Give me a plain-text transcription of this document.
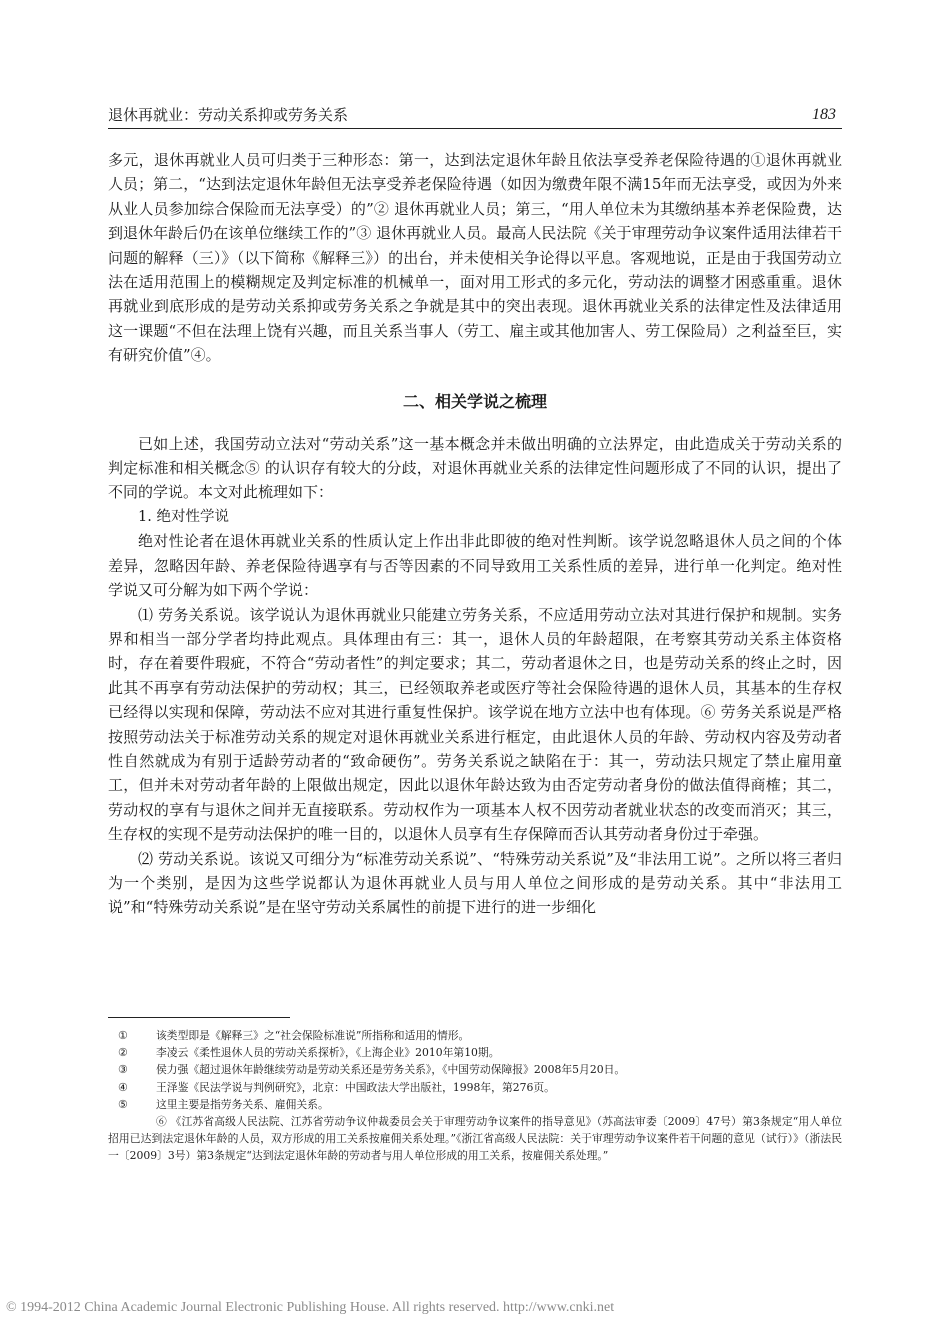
退休再就业：劳动关系抑或劳务关系	183

多元，退休再就业人员可归类于三种形态：第一，达到法定退休年龄且依法享受养老保险待遇的①退休再就业人员；第二，“达到法定退休年龄但无法享受养老保险待遇（如因为缴费年限不满15年而无法享受，或因为外来从业人员参加综合保险而无法享受）的”② 退休再就业人员；第三，“用人单位未为其缴纳基本养老保险费，达到退休年龄后仍在该单位继续工作的”③ 退休再就业人员。最高人民法院《关于审理劳动争议案件适用法律若干问题的解释（三）》（以下简称《解释三》）的出台，并未使相关争论得以平息。客观地说，正是由于我国劳动立法在适用范围上的模糊规定及判定标准的机械单一，面对用工形式的多元化，劳动法的调整才困惑重重。退休再就业到底形成的是劳动关系抑或劳务关系之争就是其中的突出表现。退休再就业关系的法律定性及法律适用这一课题“不但在法理上饶有兴趣，而且关系当事人（劳工、雇主或其他加害人、劳工保险局）之利益至巨，实有研究价值”④。

二、相关学说之梳理

已如上述，我国劳动立法对“劳动关系”这一基本概念并未做出明确的立法界定，由此造成关于劳动关系的判定标准和相关概念⑤ 的认识存有较大的分歧，对退休再就业关系的法律定性问题形成了不同的认识，提出了不同的学说。本文对此梳理如下：

1. 绝对性学说

绝对性论者在退休再就业关系的性质认定上作出非此即彼的绝对性判断。该学说忽略退休人员之间的个体差异，忽略因年龄、养老保险待遇享有与否等因素的不同导致用工关系性质的差异，进行单一化判定。绝对性学说又可分解为如下两个学说：

⑴ 劳务关系说。该学说认为退休再就业只能建立劳务关系，不应适用劳动立法对其进行保护和规制。实务界和相当一部分学者均持此观点。具体理由有三：其一，退休人员的年龄超限，在考察其劳动关系主体资格时，存在着要件瑕疵，不符合“劳动者性”的判定要求；其二，劳动者退休之日，也是劳动关系的终止之时，因此其不再享有劳动法保护的劳动权；其三，已经领取养老或医疗等社会保险待遇的退休人员，其基本的生存权已经得以实现和保障，劳动法不应对其进行重复性保护。该学说在地方立法中也有体现。⑥ 劳务关系说是严格按照劳动法关于标准劳动关系的规定对退休再就业关系进行框定，由此退休人员的年龄、劳动权内容及劳动者性自然就成为有别于适龄劳动者的“致命硬伤”。劳务关系说之缺陷在于：其一，劳动法只规定了禁止雇用童工，但并未对劳动者年龄的上限做出规定，因此以退休年龄达致为由否定劳动者身份的做法值得商榷；其二，劳动权的享有与退休之间并无直接联系。劳动权作为一项基本人权不因劳动者就业状态的改变而消灭；其三，生存权的实现不是劳动法保护的唯一目的，以退休人员享有生存保障而否认其劳动者身份过于牵强。

⑵ 劳动关系说。该说又可细分为“标准劳动关系说”、“特殊劳动关系说”及“非法用工说”。之所以将三者归为一个类别，是因为这些学说都认为退休再就业人员与用人单位之间形成的是劳动关系。其中“非法用工说”和“特殊劳动关系说”是在坚守劳动关系属性的前提下进行的进一步细化

①	该类型即是《解释三》之“社会保险标准说”所指称和适用的情形。
②	李凌云《柔性退休人员的劳动关系探析》，《上海企业》2010年第10期。
③	侯力强《超过退休年龄继续劳动是劳动关系还是劳务关系》，《中国劳动保障报》2008年5月20日。
④	王泽鉴《民法学说与判例研究》，北京：中国政法大学出版社，1998年，第276页。
⑤	这里主要是指劳务关系、雇佣关系。
⑥ 《江苏省高级人民法院、江苏省劳动争议仲裁委员会关于审理劳动争议案件的指导意见》（苏高法审委〔2009〕47号）第3条规定“用人单位招用已达到法定退休年龄的人员，双方形成的用工关系按雇佣关系处理。”《浙江省高级人民法院：关于审理劳动争议案件若干问题的意见（试行）》（浙法民一〔2009〕3号）第3条规定“达到法定退休年龄的劳动者与用人单位形成的用工关系，按雇佣关系处理。”
© 1994-2012 China Academic Journal Electronic Publishing House. All rights reserved. http://www.cnki.net
